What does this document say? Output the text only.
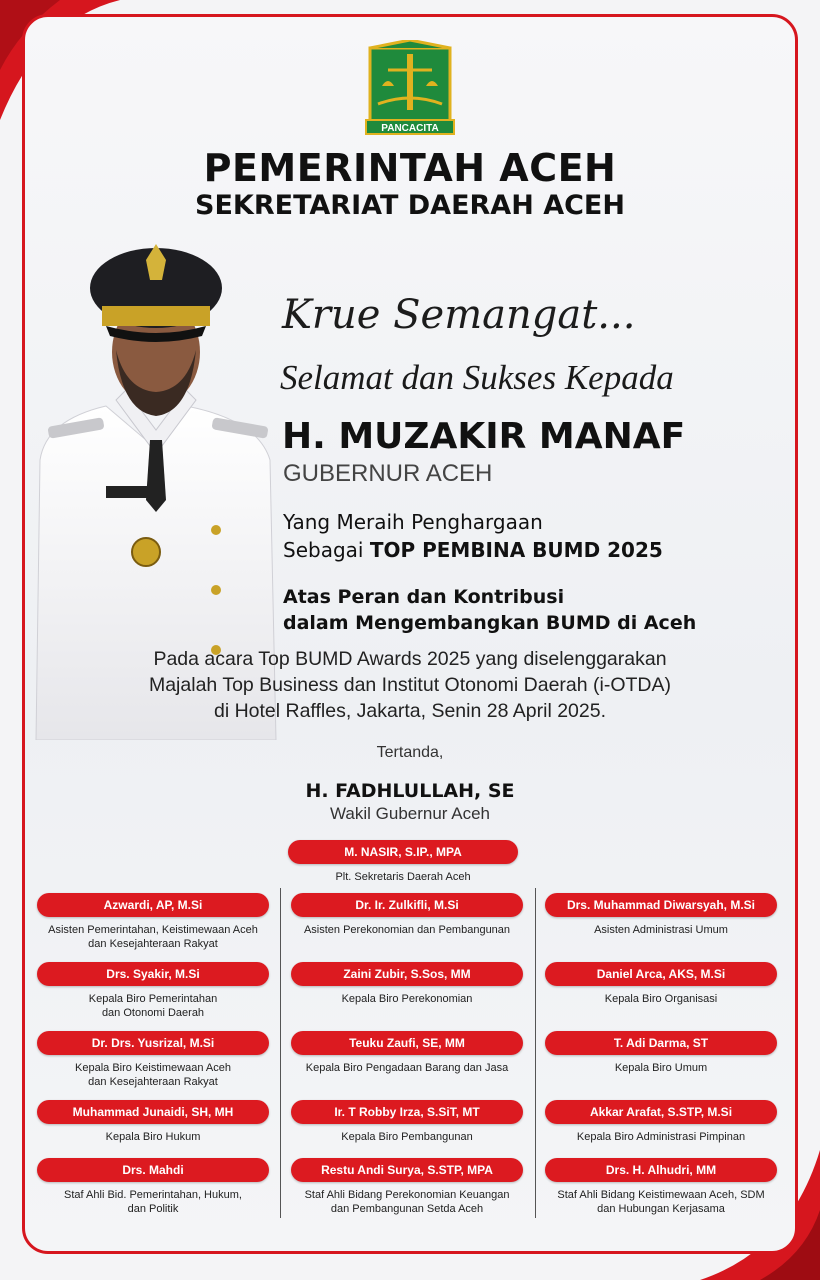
PANCACITA
PEMERINTAH ACEH
SEKRETARIAT DAERAH ACEH
Krue Semangat...
Selamat dan Sukses Kepada
H. MUZAKIR MANAF
GUBERNUR ACEH
Yang Meraih Penghargaan
Sebagai TOP PEMBINA BUMD 2025
Atas Peran dan Kontribusi
dalam Mengembangkan BUMD di Aceh
Pada acara Top BUMD Awards 2025 yang diselenggarakan
Majalah Top Business dan Institut Otonomi Daerah (i-OTDA)
di Hotel Raffles, Jakarta, Senin 28 April 2025.
Tertanda,
H. FADHLULLAH, SE
Wakil Gubernur Aceh
M. NASIR, S.IP., MPA
Plt. Sekretaris Daerah Aceh
Azwardi, AP, M.Si
Asisten Pemerintahan, Keistimewaan Aceh
dan Kesejahteraan Rakyat
Drs. Syakir, M.Si
Kepala Biro Pemerintahan
dan Otonomi Daerah
Dr. Drs. Yusrizal, M.Si
Kepala Biro Keistimewaan Aceh
dan Kesejahteraan Rakyat
Muhammad Junaidi, SH, MH
Kepala Biro Hukum
Drs. Mahdi
Staf Ahli Bid. Pemerintahan, Hukum,
dan Politik
Dr. Ir. Zulkifli, M.Si
Asisten Perekonomian dan Pembangunan
Zaini Zubir, S.Sos, MM
Kepala Biro Perekonomian
Teuku Zaufi, SE, MM
Kepala Biro Pengadaan Barang dan Jasa
Ir. T Robby Irza, S.SiT, MT
Kepala Biro Pembangunan
Restu Andi Surya, S.STP, MPA
Staf Ahli Bidang Perekonomian Keuangan
dan Pembangunan Setda Aceh
Drs. Muhammad Diwarsyah, M.Si
Asisten Administrasi Umum
Daniel Arca, AKS, M.Si
Kepala Biro Organisasi
T. Adi Darma, ST
Kepala Biro Umum
Akkar Arafat, S.STP, M.Si
Kepala Biro Administrasi Pimpinan
Drs. H. Alhudri, MM
Staf Ahli Bidang Keistimewaan Aceh, SDM
dan Hubungan Kerjasama
